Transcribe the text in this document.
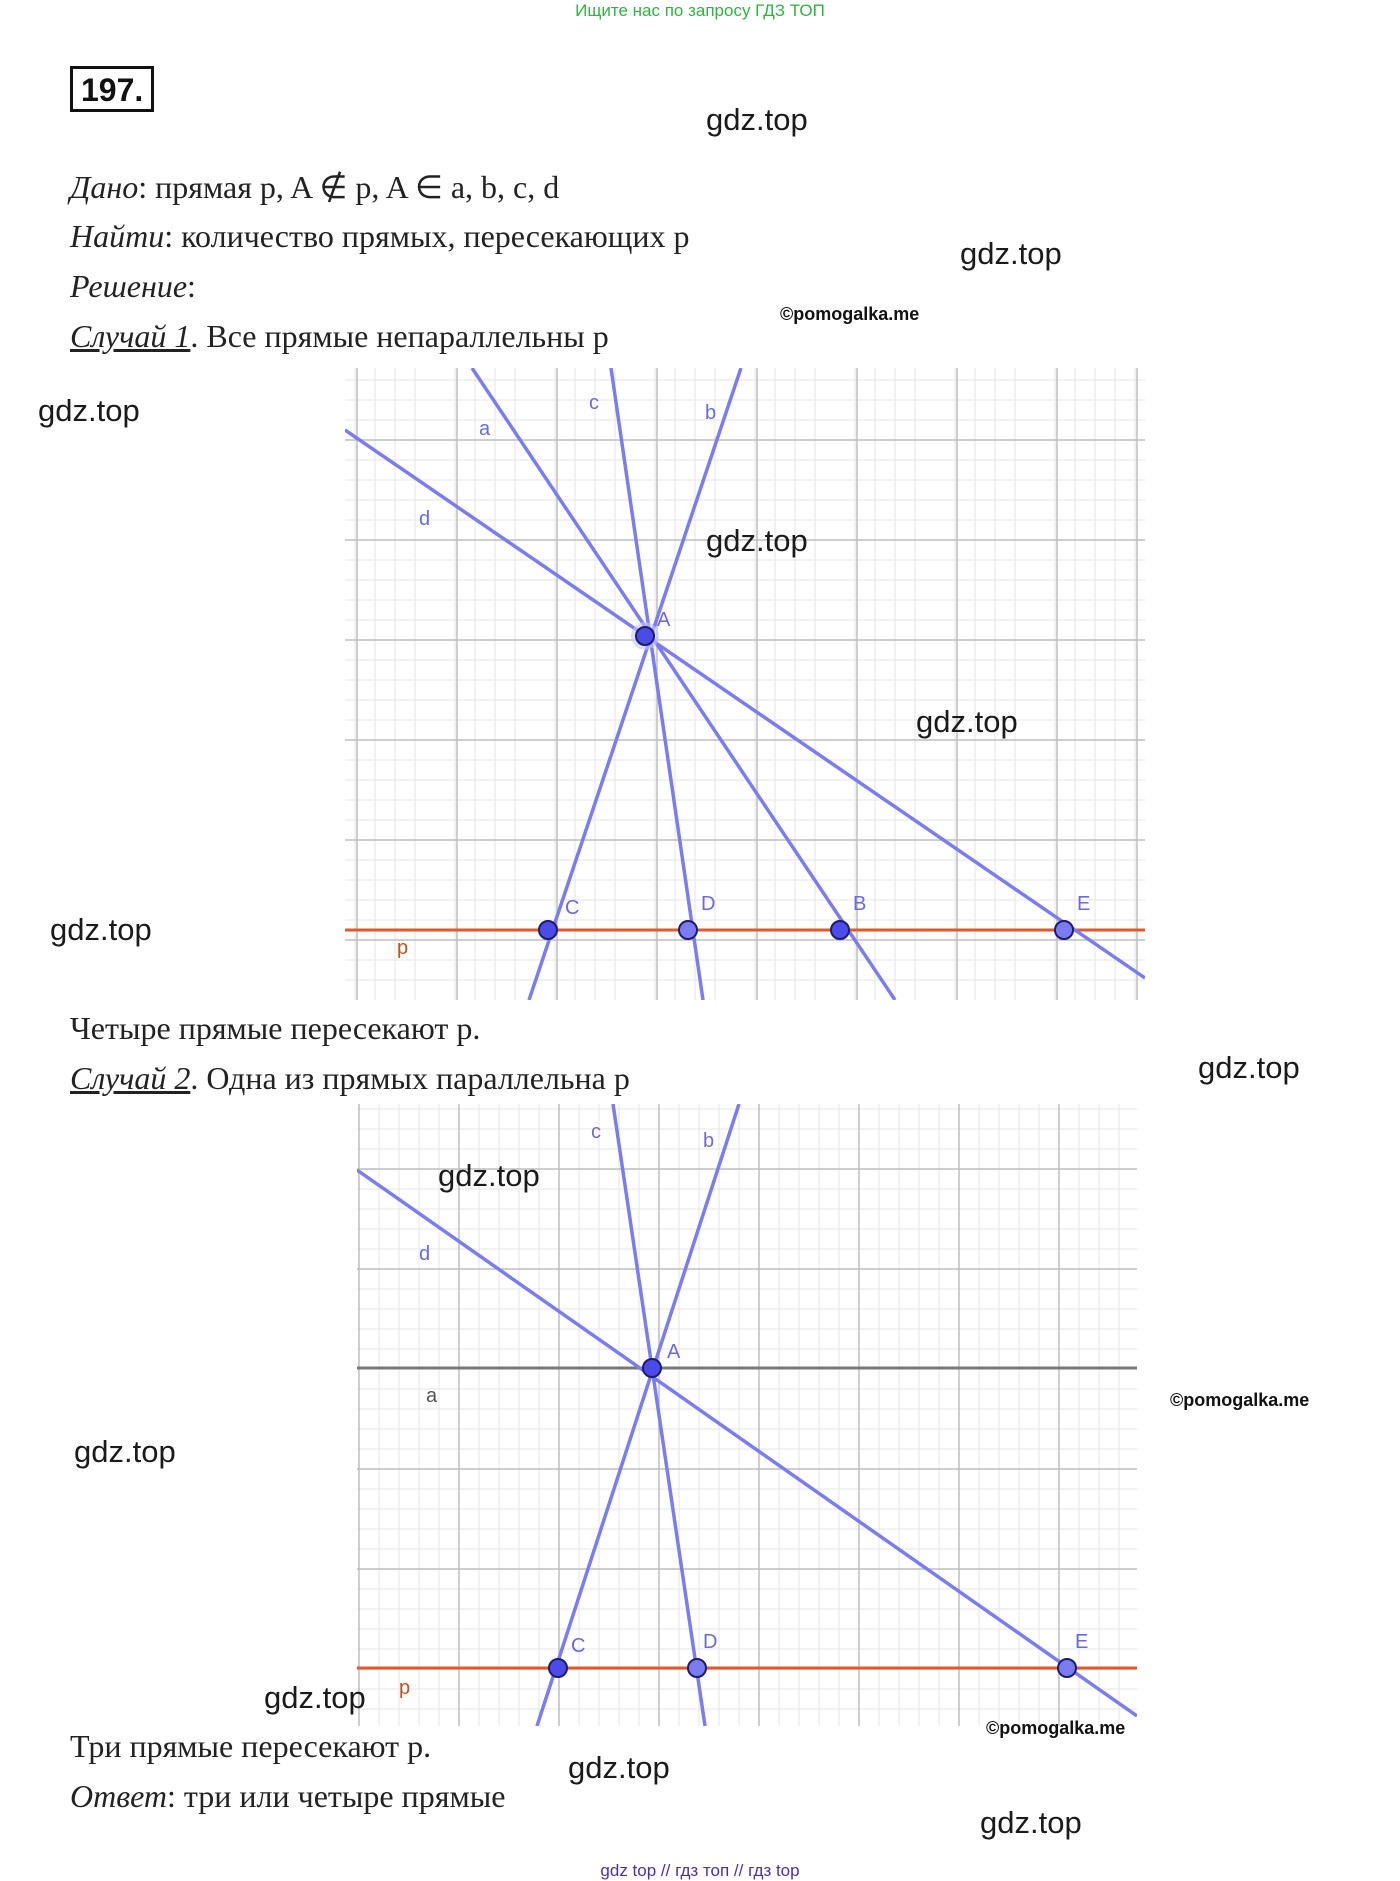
Ищите нас по запросу ГДЗ ТОП
197.
Дано: прямая p, A ∉ p, A ∈ a, b, c, d
Найти: количество прямых, пересекающих p
Решение:
Случай 1. Все прямые непараллельны p
a
b
c
d
A
C	D	B	E
p
Четыре прямые пересекают p.
Случай 2. Одна из прямых параллельна p
a
b
c
d
A
C	D	E
p
Три прямые пересекают p.
Ответ: три или четыре прямые
gdz.top
gdz.top
gdz.top
gdz.top
gdz.top
gdz.top
gdz.top
gdz.top
gdz.top
gdz.top
gdz.top
gdz.top
©pomogalka.me
©pomogalka.me
©pomogalka.me
gdz top // гдз топ // гдз top
